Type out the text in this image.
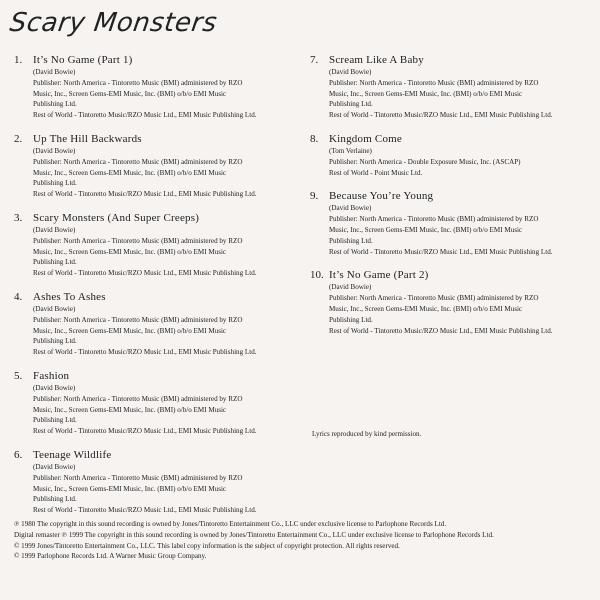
Scary Monsters
1. It’s No Game (Part 1)
(David Bowie)
Publisher: North America - Tintoretto Music (BMI) administered by RZO
Music, Inc., Screen Gems-EMI Music, Inc. (BMI) o/b/o EMI Music
Publishing Ltd.
Rest of World - Tintoretto Music/RZO Music Ltd., EMI Music Publishing Ltd.
2. Up The Hill Backwards
(David Bowie)
Publisher: North America - Tintoretto Music (BMI) administered by RZO
Music, Inc., Screen Gems-EMI Music, Inc. (BMI) o/b/o EMI Music
Publishing Ltd.
Rest of World - Tintoretto Music/RZO Music Ltd., EMI Music Publishing Ltd.
3. Scary Monsters (And Super Creeps)
(David Bowie)
Publisher: North America - Tintoretto Music (BMI) administered by RZO
Music, Inc., Screen Gems-EMI Music, Inc. (BMI) o/b/o EMI Music
Publishing Ltd.
Rest of World - Tintoretto Music/RZO Music Ltd., EMI Music Publishing Ltd.
4. Ashes To Ashes
(David Bowie)
Publisher: North America - Tintoretto Music (BMI) administered by RZO
Music, Inc., Screen Gems-EMI Music, Inc. (BMI) o/b/o EMI Music
Publishing Ltd.
Rest of World - Tintoretto Music/RZO Music Ltd., EMI Music Publishing Ltd.
5. Fashion
(David Bowie)
Publisher: North America - Tintoretto Music (BMI) administered by RZO
Music, Inc., Screen Gems-EMI Music, Inc. (BMI) o/b/o EMI Music
Publishing Ltd.
Rest of World - Tintoretto Music/RZO Music Ltd., EMI Music Publishing Ltd.
6. Teenage Wildlife
(David Bowie)
Publisher: North America - Tintoretto Music (BMI) administered by RZO
Music, Inc., Screen Gems-EMI Music, Inc. (BMI) o/b/o EMI Music
Publishing Ltd.
Rest of World - Tintoretto Music/RZO Music Ltd., EMI Music Publishing Ltd.
7. Scream Like A Baby
(David Bowie)
Publisher: North America - Tintoretto Music (BMI) administered by RZO
Music, Inc., Screen Gems-EMI Music, Inc. (BMI) o/b/o EMI Music
Publishing Ltd.
Rest of World - Tintoretto Music/RZO Music Ltd., EMI Music Publishing Ltd.
8. Kingdom Come
(Tom Verlaine)
Publisher: North America - Double Exposure Music, Inc. (ASCAP)
Rest of World - Point Music Ltd.
9. Because You’re Young
(David Bowie)
Publisher: North America - Tintoretto Music (BMI) administered by RZO
Music, Inc., Screen Gems-EMI Music, Inc. (BMI) o/b/o EMI Music
Publishing Ltd.
Rest of World - Tintoretto Music/RZO Music Ltd., EMI Music Publishing Ltd.
10. It’s No Game (Part 2)
(David Bowie)
Publisher: North America - Tintoretto Music (BMI) administered by RZO
Music, Inc., Screen Gems-EMI Music, Inc. (BMI) o/b/o EMI Music
Publishing Ltd.
Rest of World - Tintoretto Music/RZO Music Ltd., EMI Music Publishing Ltd.
Lyrics reproduced by kind permission.
℗ 1980 The copyright in this sound recording is owned by Jones/Tintoretto Entertainment Co., LLC under exclusive license to Parlophone Records Ltd.
Digital remaster ℗ 1999 The copyright in this sound recording is owned by Jones/Tintoretto Entertainment Co., LLC under exclusive license to Parlophone Records Ltd.
© 1999 Jones/Tintoretto Entertainment Co., LLC. This label copy information is the subject of copyright protection. All rights reserved.
© 1999 Parlophone Records Ltd. A Warner Music Group Company.
